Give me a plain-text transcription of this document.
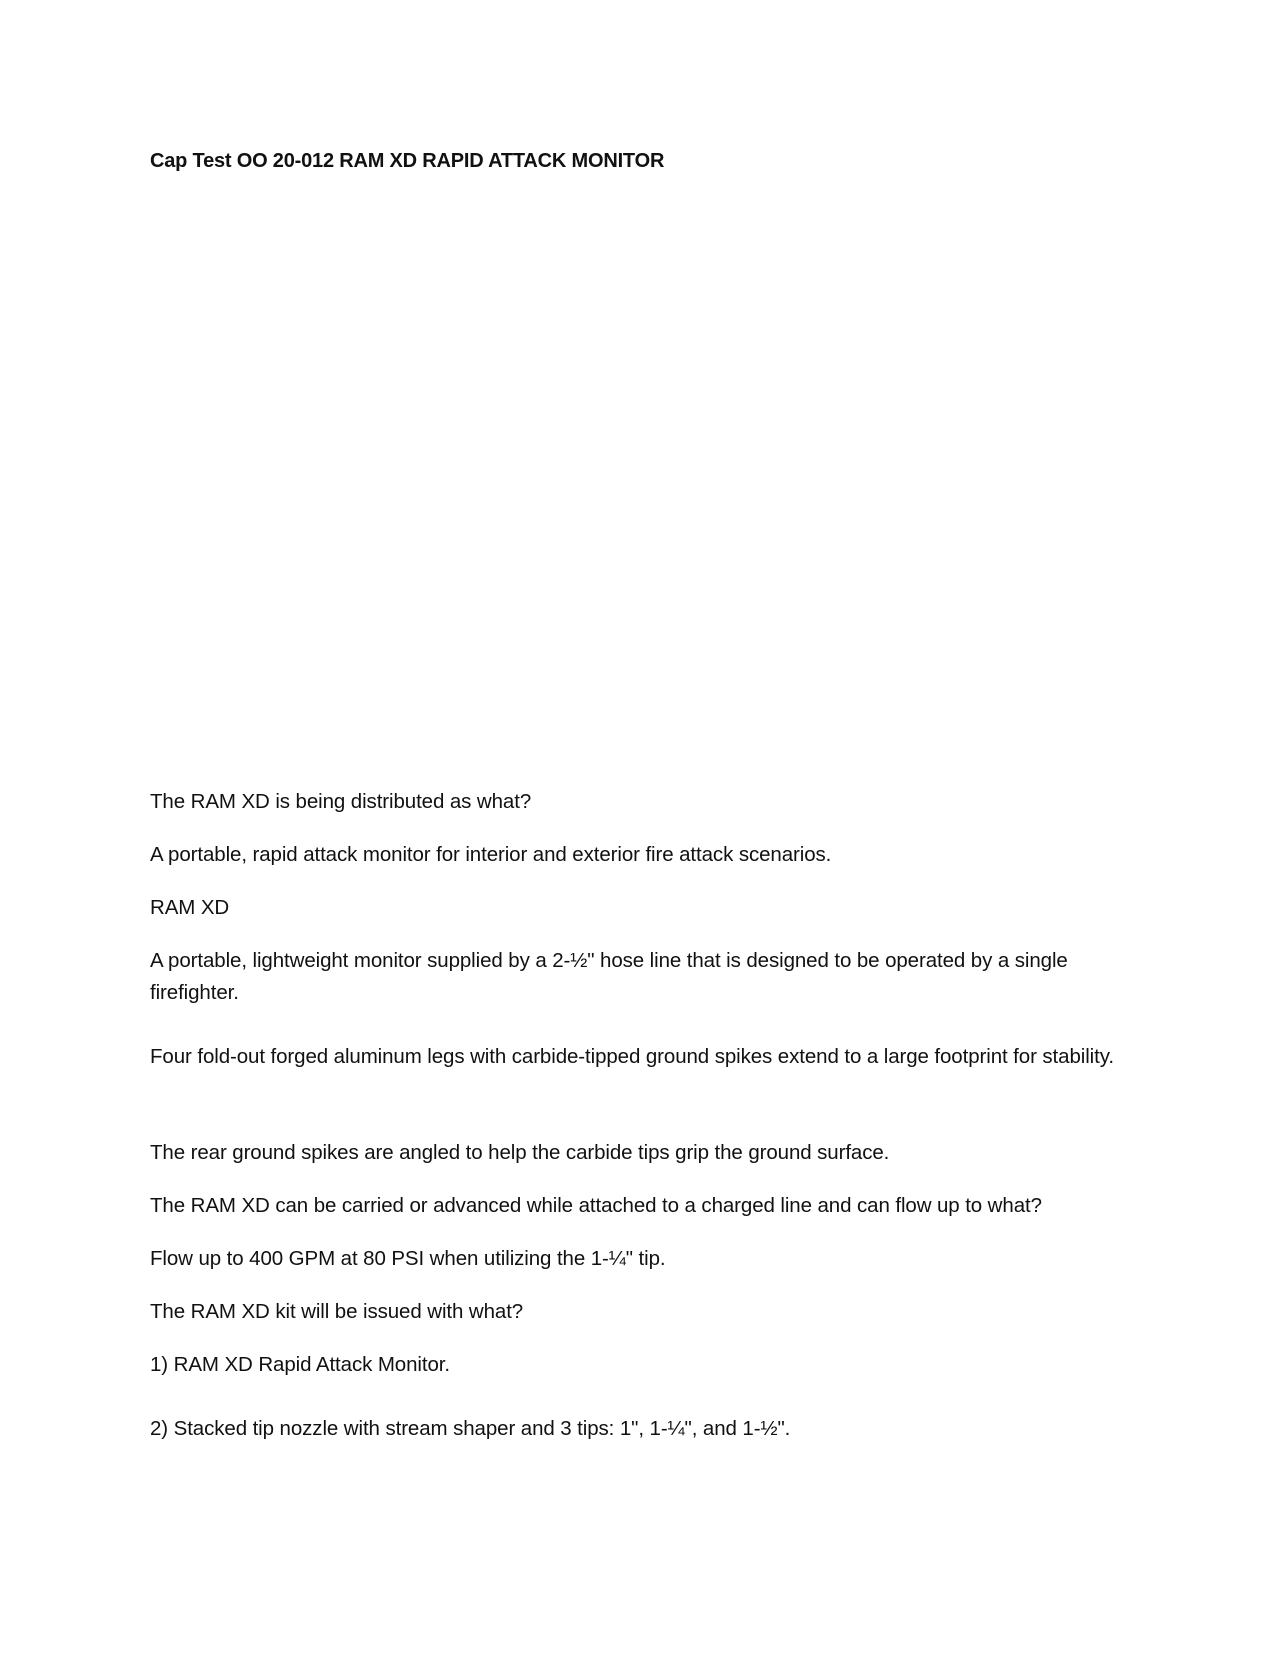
Cap Test OO 20-012 RAM XD RAPID ATTACK MONITOR

The RAM XD is being distributed as what?

A portable, rapid attack monitor for interior and exterior fire attack scenarios.

RAM XD

A portable, lightweight monitor supplied by a 2-½" hose line that is designed to be operated by a single firefighter.

Four fold-out forged aluminum legs with carbide-tipped ground spikes extend to a large footprint for stability.

The rear ground spikes are angled to help the carbide tips grip the ground surface.

The RAM XD can be carried or advanced while attached to a charged line and can flow up to what?

Flow up to 400 GPM at 80 PSI when utilizing the 1-¼" tip.

The RAM XD kit will be issued with what?

1) RAM XD Rapid Attack Monitor.

2) Stacked tip nozzle with stream shaper and 3 tips: 1", 1-¼", and 1-½".
